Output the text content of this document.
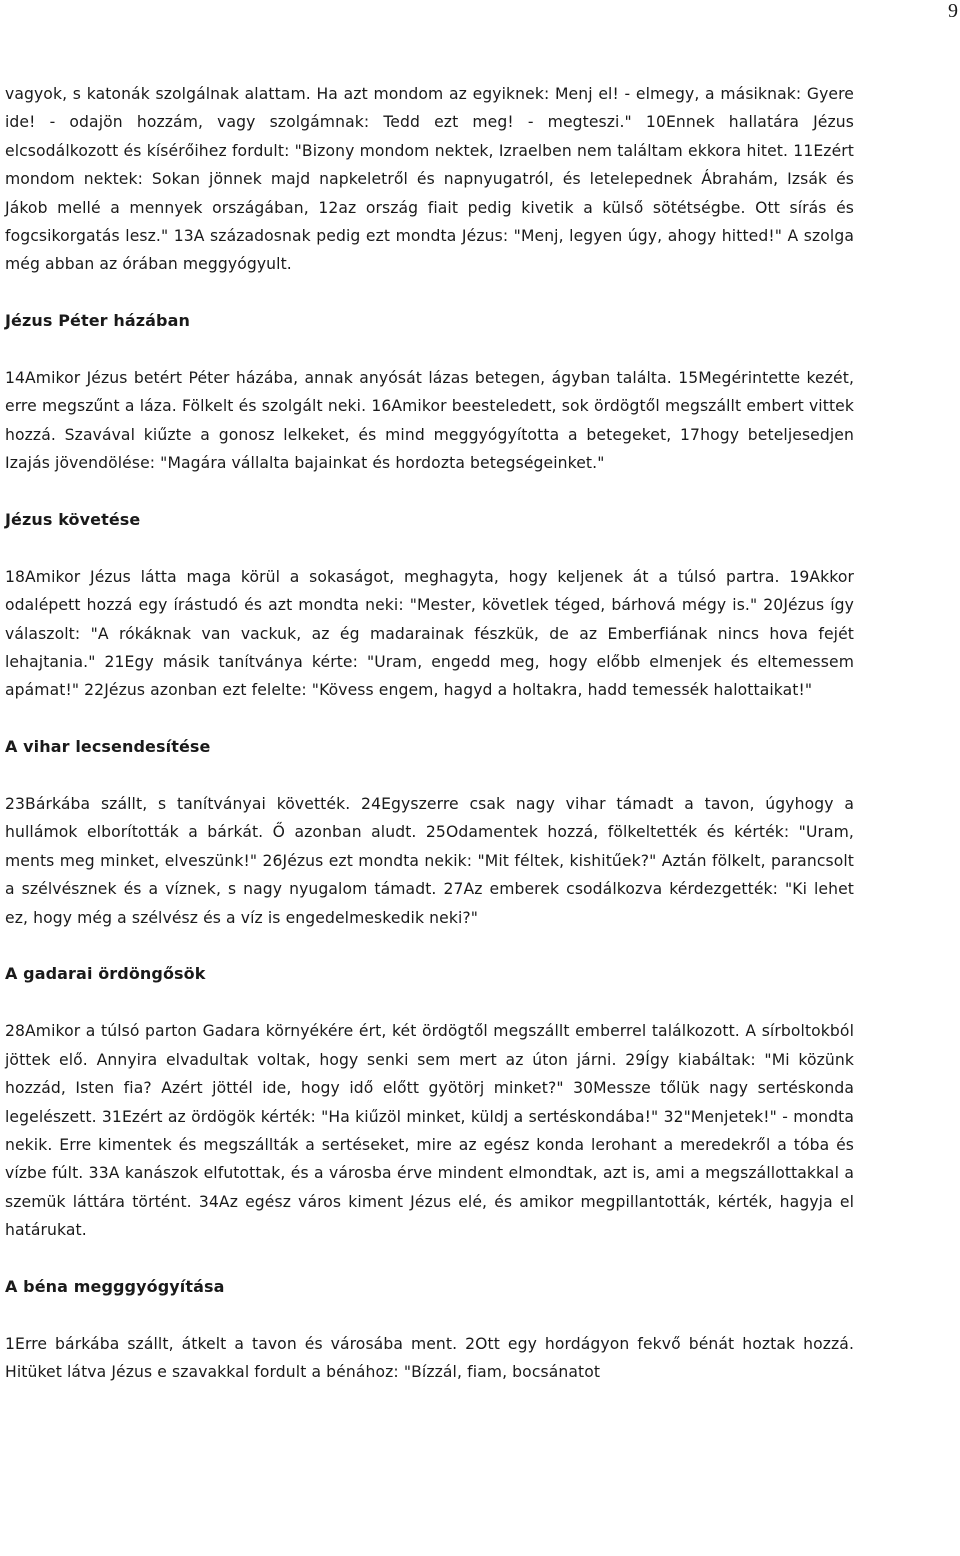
9

vagyok, s katonák szolgálnak alattam. Ha azt mondom az egyiknek: Menj el! - elmegy, a másiknak: Gyere ide! - odajön hozzám, vagy szolgámnak: Tedd ezt meg! - megteszi." 10Ennek hallatára Jézus elcsodálkozott és kísérőihez fordult: "Bizony mondom nektek, Izraelben nem találtam ekkora hitet. 11Ezért mondom nektek: Sokan jönnek majd napkeletről és napnyugatról, és letelepednek Ábrahám, Izsák és Jákob mellé a mennyek országában, 12az ország fiait pedig kivetik a külső sötétségbe. Ott sírás és fogcsikorgatás lesz." 13A századosnak pedig ezt mondta Jézus: "Menj, legyen úgy, ahogy hitted!" A szolga még abban az órában meggyógyult.

Jézus Péter házában

14Amikor Jézus betért Péter házába, annak anyósát lázas betegen, ágyban találta. 15Megérintette kezét, erre megszűnt a láza. Fölkelt és szolgált neki. 16Amikor beesteledett, sok ördögtől megszállt embert vittek hozzá. Szavával kiűzte a gonosz lelkeket, és mind meggyógyította a betegeket, 17hogy beteljesedjen Izajás jövendölése: "Magára vállalta bajainkat és hordozta betegségeinket."

Jézus követése

18Amikor Jézus látta maga körül a sokaságot, meghagyta, hogy keljenek át a túlsó partra. 19Akkor odalépett hozzá egy írástudó és azt mondta neki: "Mester, követlek téged, bárhová mégy is." 20Jézus így válaszolt: "A rókáknak van vackuk, az ég madarainak fészkük, de az Emberfiának nincs hova fejét lehajtania." 21Egy másik tanítványa kérte: "Uram, engedd meg, hogy előbb elmenjek és eltemessem apámat!" 22Jézus azonban ezt felelte: "Kövess engem, hagyd a holtakra, hadd temessék halottaikat!"

A vihar lecsendesítése

23Bárkába szállt, s tanítványai követték. 24Egyszerre csak nagy vihar támadt a tavon, úgyhogy a hullámok elborították a bárkát. Ő azonban aludt. 25Odamentek hozzá, fölkeltették és kérték: "Uram, ments meg minket, elveszünk!" 26Jézus ezt mondta nekik: "Mit féltek, kishitűek?" Aztán fölkelt, parancsolt a szélvésznek és a víznek, s nagy nyugalom támadt. 27Az emberek csodálkozva kérdezgették: "Ki lehet ez, hogy még a szélvész és a víz is engedelmeskedik neki?"

A gadarai ördöngősök

28Amikor a túlsó parton Gadara környékére ért, két ördögtől megszállt emberrel találkozott. A sírboltokból jöttek elő. Annyira elvadultak voltak, hogy senki sem mert az úton járni. 29Így kiabáltak: "Mi közünk hozzád, Isten fia? Azért jöttél ide, hogy idő előtt gyötörj minket?" 30Messze tőlük nagy sertéskonda legelészett. 31Ezért az ördögök kérték: "Ha kiűzöl minket, küldj a sertéskondába!" 32"Menjetek!" - mondta nekik. Erre kimentek és megszállták a sertéseket, mire az egész konda lerohant a meredekről a tóba és vízbe fúlt. 33A kanászok elfutottak, és a városba érve mindent elmondtak, azt is, ami a megszállottakkal a szemük láttára történt. 34Az egész város kiment Jézus elé, és amikor megpillantották, kérték, hagyja el határukat.

A béna megggyógyítása

1Erre bárkába szállt, átkelt a tavon és városába ment. 2Ott egy hordágyon fekvő bénát hoztak hozzá. Hitüket látva Jézus e szavakkal fordult a bénához: "Bízzál, fiam, bocsánatot
